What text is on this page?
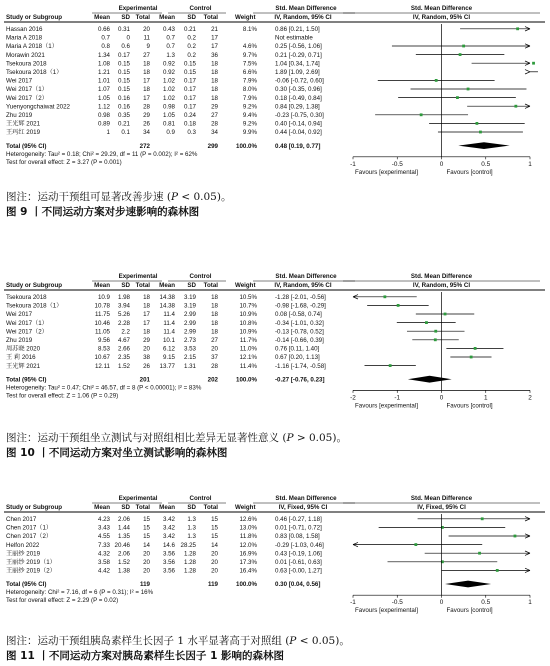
Experimental	Control	Std. Mean Difference	Std. Mean Difference
Study or Subgroup	Mean SD Total Mean SD Total	Weight	IV, Random, 95% CI	IV, Random, 95% CI
Hassan 2016	0.66 0.31 20 0.43 0.21 21	8.1%	0.86 [0.21, 1.50]
Maria A 2018	0.7	0 11	0.7 0.2 17	Not estimable
Maria A 2018（1）	0.8 0.6	9	0.7 0.2 17	4.6%	0.25 [-0.56, 1.06]
Morawin 2021	1.34 0.17 27	1.3 0.2 36	9.7%	0.21 [-0.29, 0.71]
Tsekoura 2018	1.08 0.15 18 0.92 0.15 18	7.5%	1.04 [0.34, 1.74]
Tsekoura 2018（1）	1.21 0.15 18 0.92 0.15 18	6.6%	1.89 [1.09, 2.69]
Wei 2017	1.01 0.15 17 1.02 0.17 18	7.9%	-0.06 [-0.72, 0.60]
Wei 2017（1）	1.07 0.15 18 1.02 0.17 18	8.0%	0.30 [-0.35, 0.96]
Wei 2017（2）	1.05 0.16 17 1.02 0.17 18	7.9%	0.18 [-0.49, 0.84]
Yuenyongchaiwat 2022	1.12 0.16 28 0.98 0.17 29	9.2%	0.84 [0.29, 1.38]
Zhu 2019	0.98 0.35 29 1.05 0.24 27	9.4%	-0.23 [-0.75, 0.30]
王光辉 2021	0.89 0.21 26 0.81 0.18 28	9.2%	0.40 [-0.14, 0.94]
王玛红 2019	1 0.1 34	0.9 0.3 34	9.9%	0.44 [-0.04, 0.92]
Total (95% CI)	272	299	100.0%	0.48 [0.19, 0.77]
Heterogeneity: Tau² = 0.18; Chi² = 29.29, df = 11 (P = 0.002); I² = 62%
Test for overall effect: Z = 3.27 (P = 0.001)	-1	-0.5	0	0.5	1
Favours [experimental]	Favours [control]
图注：运动干预组可显著改善步速 (P < 0.05)。
图 9 丨不同运动方案对步速影响的森林图
Experimental	Control	Std. Mean Difference	Std. Mean Difference
Study or Subgroup	Mean SD Total Mean SD Total	Weight	IV, Random, 95% CI	IV, Random, 95% CI
Tsekoura 2018	10.9 1.98 18 14.38 3.19 18	10.5%	-1.28 [-2.01, -0.56]
Tsekoura 2018（1）	10.78 3.94 18 14.38 3.19 18	10.7%	-0.98 [-1.68, -0.29]
Wei 2017	11.75 5.26 17 11.4 2.99 18	10.9%	0.08 [-0.58, 0.74]
Wei 2017（1）	10.46 2.28 17 11.4 2.99 18	10.8%	-0.34 [-1.01, 0.32]
Wei 2017（2）	11.05 2.2 18 11.4 2.99 18	10.9%	-0.13 [-0.78, 0.52]
Zhu 2019	9.56 4.67 29 10.1 2.73 27	11.7%	-0.14 [-0.66, 0.39]
周苏晓 2020	8.53 2.66 20 6.12 3.53 20	11.0%	0.76 [0.11, 1.40]
王 莉 2016	10.67 2.35 38 9.15 2.15 37	12.1%	0.67 [0.20, 1.13]
王光辉 2021	12.11 1.52 26 13.77 1.31 28	11.4%	-1.16 [-1.74, -0.58]
Total (95% CI)	201	202	100.0%	-0.27 [-0.76, 0.23]
Heterogeneity: Tau² = 0.47; Chi² = 46.57, df = 8 (P < 0.00001); I² = 83%
Test for overall effect: Z = 1.06 (P = 0.29)	-2	-1	0	1	2
Favours [experimental]	Favours [control]
图注：运动干预组坐立测试与对照组相比差异无显著性意义 (P > 0.05)。
图 10 丨不同运动方案对坐立测试影响的森林图
Experimental	Control	Std. Mean Difference	Std. Mean Difference
Study or Subgroup	Mean SD Total Mean SD Total	Weight	IV, Fixed, 95% CI	IV, Fixed, 95% CI
Chen 2017	4.23 2.06 15 3.42 1.3 15	12.6%	0.46 [-0.27, 1.18]
Chen 2017（1）	3.43 1.44 15 3.42 1.3 15	13.0%	0.01 [-0.71, 0.72]
Chen 2017（2）	4.55 1.35 15 3.42 1.3 15	11.8%	0.83 [0.08, 1.58]
Helfon 2022	7.33 20.46 14 14.6 28.25 14	12.0%	-0.29 [-1.03, 0.46]
王丽纱 2019	4.32 2.06 20 3.56 1.28 20	16.9%	0.43 [-0.19, 1.06]
王丽纱 2019（1）	3.58 1.52 20 3.56 1.28 20	17.3%	0.01 [-0.61, 0.63]
王丽纱 2019（2）	4.42 1.38 20 3.56 1.28 20	16.4%	0.63 [-0.00, 1.27]
Total (95% CI)	119	119	100.0%	0.30 [0.04, 0.56]
Heterogeneity: Chi² = 7.16, df = 6 (P = 0.31); I² = 16%
Test for overall effect: Z = 2.29 (P = 0.02)	-1	-0.5	0	0.5	1
Favours [experimental]	Favours [control]
图注：运动干预组胰岛素样生长因子 1 水平显著高于对照组 (P < 0.05)。
图 11 丨不同运动方案对胰岛素样生长因子 1 影响的森林图
